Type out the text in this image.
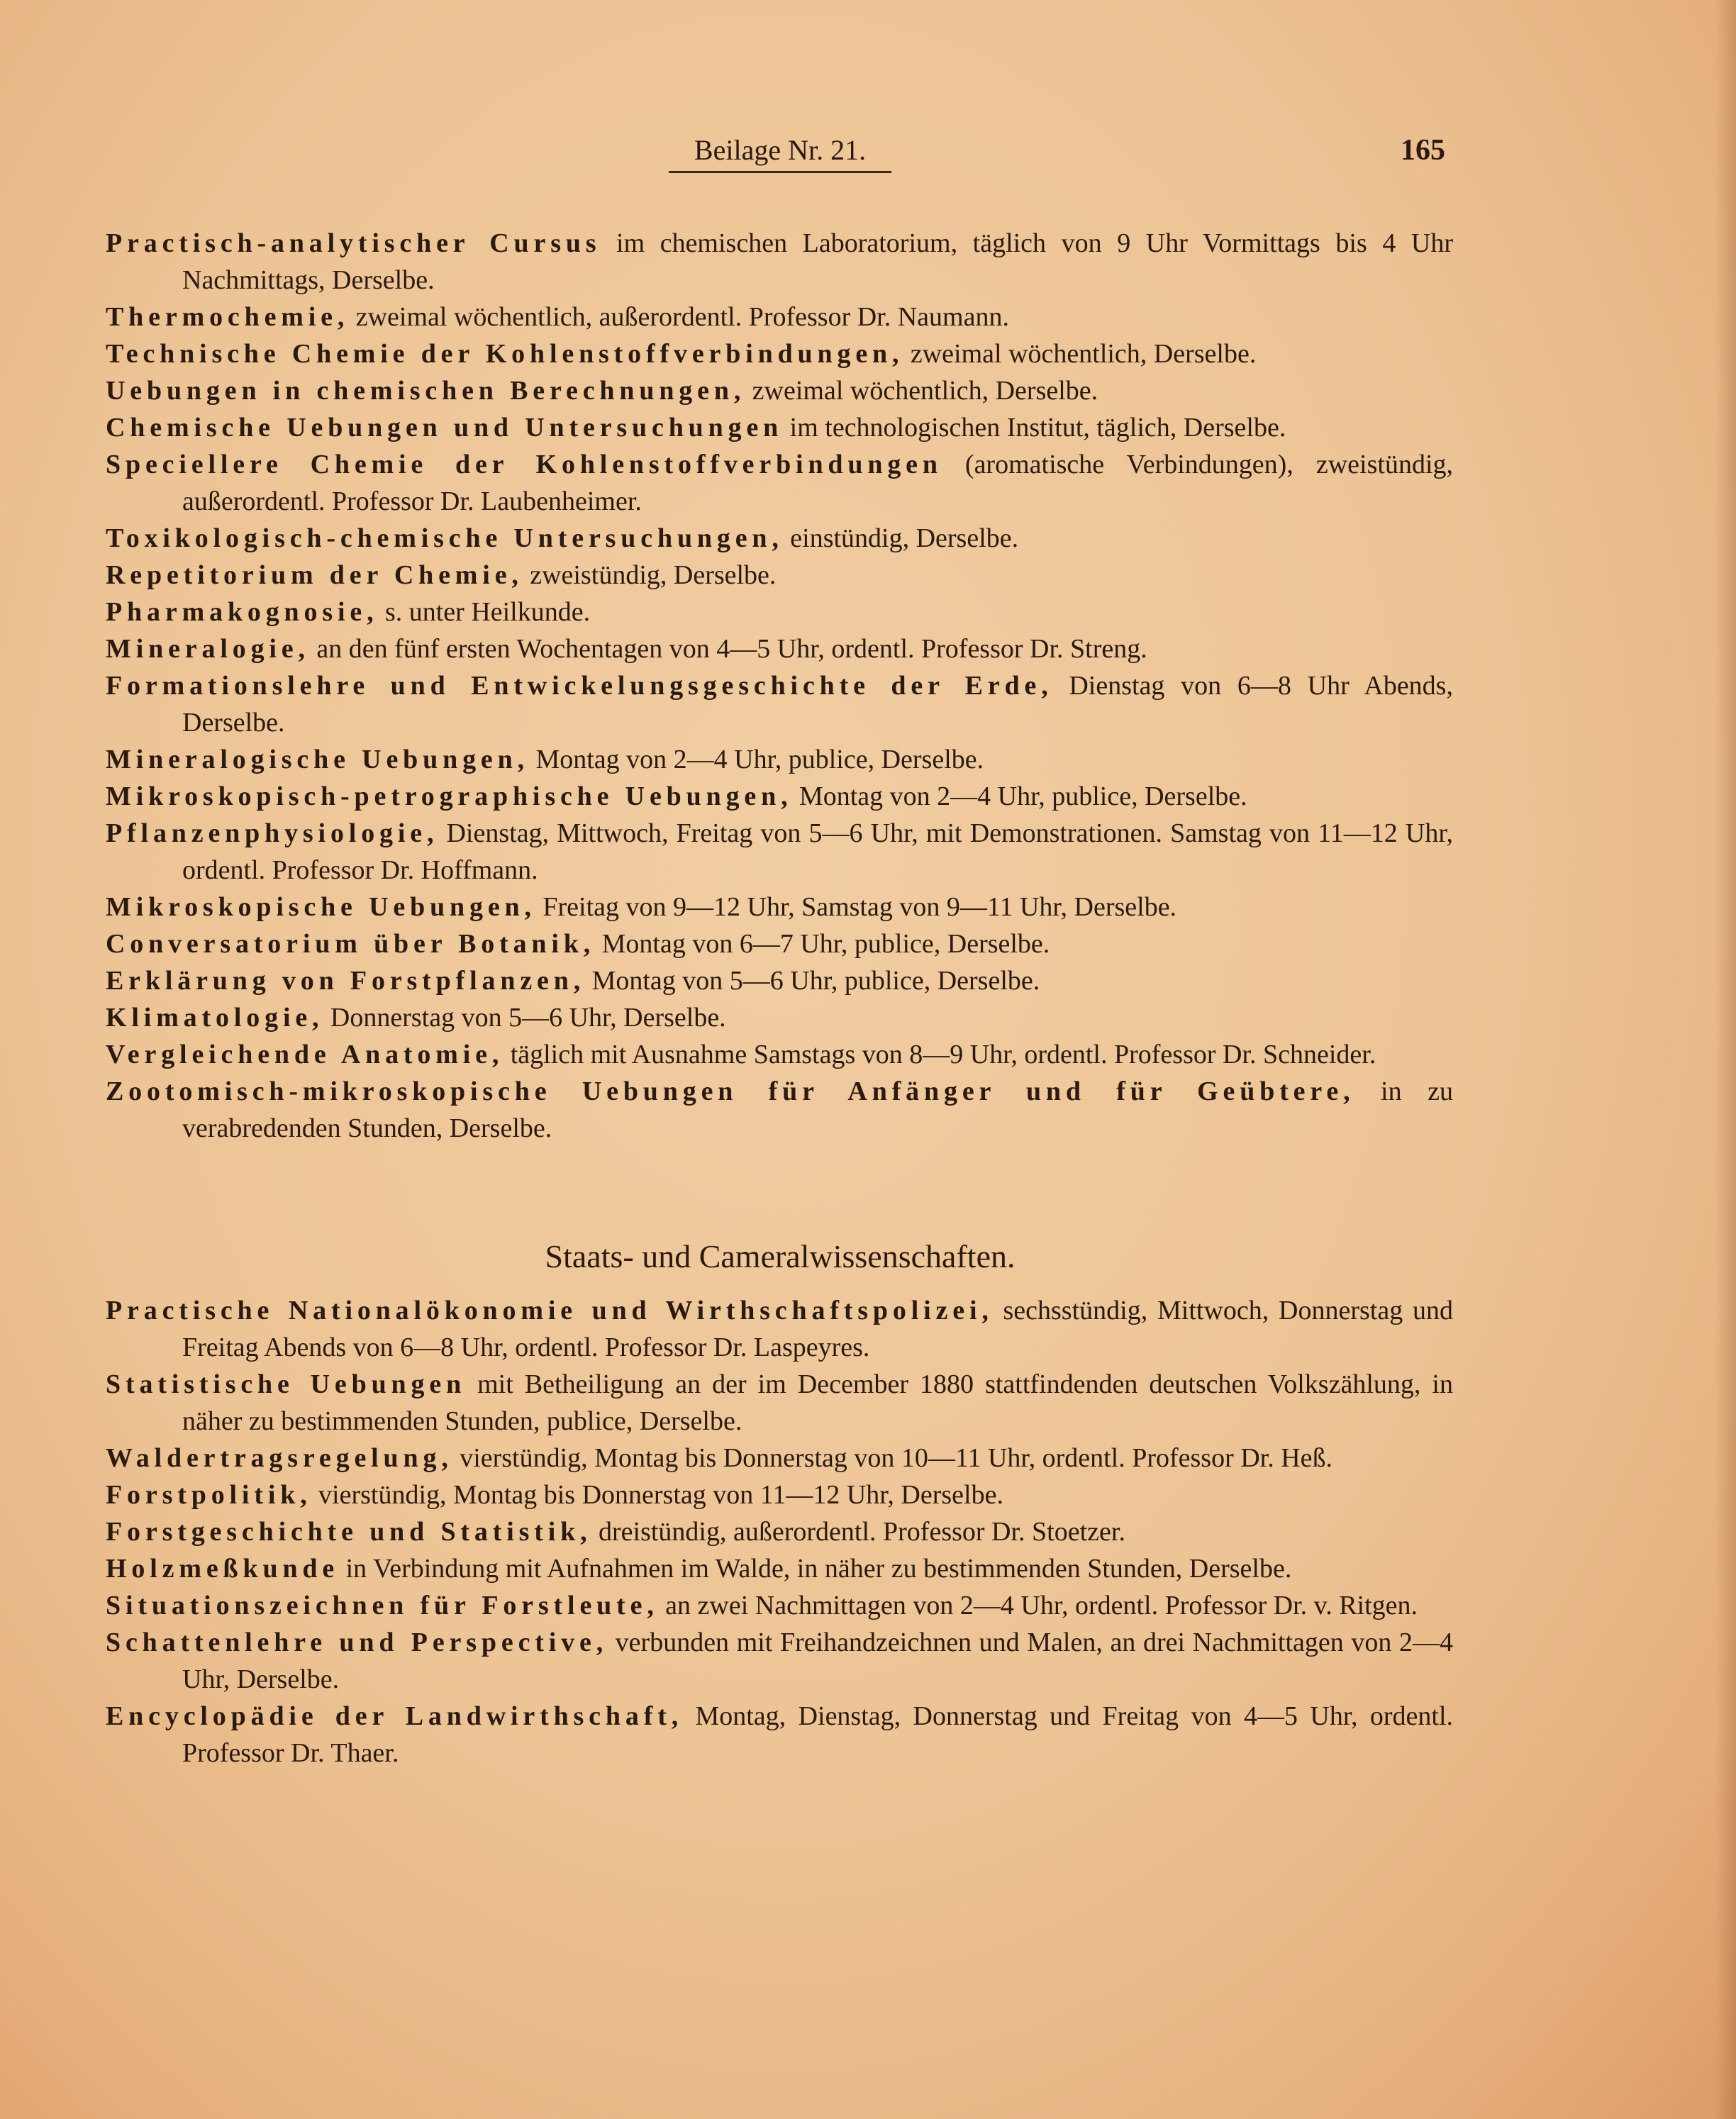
Beilage Nr. 21.	165
Practisch-analytischer Cursus im chemischen Laboratorium, täglich von 9 Uhr Vormittags bis 4 Uhr Nachmittags, Derselbe.
Thermochemie, zweimal wöchentlich, außerordentl. Professor Dr. Naumann.
Technische Chemie der Kohlenstoffverbindungen, zweimal wöchentlich, Derselbe.
Uebungen in chemischen Berechnungen, zweimal wöchentlich, Derselbe.
Chemische Uebungen und Untersuchungen im technologischen Institut, täglich, Derselbe.
Speciellere Chemie der Kohlenstoffverbindungen (aromatische Verbindungen), zweistündig, außerordentl. Professor Dr. Laubenheimer.
Toxikologisch-chemische Untersuchungen, einstündig, Derselbe.
Repetitorium der Chemie, zweistündig, Derselbe.
Pharmakognosie, s. unter Heilkunde.
Mineralogie, an den fünf ersten Wochentagen von 4—5 Uhr, ordentl. Professor Dr. Streng.
Formationslehre und Entwickelungsgeschichte der Erde, Dienstag von 6—8 Uhr Abends, Derselbe.
Mineralogische Uebungen, Montag von 2—4 Uhr, publice, Derselbe.
Mikroskopisch-petrographische Uebungen, Montag von 2—4 Uhr, publice, Derselbe.
Pflanzenphysiologie, Dienstag, Mittwoch, Freitag von 5—6 Uhr, mit Demonstrationen. Samstag von 11—12 Uhr, ordentl. Professor Dr. Hoffmann.
Mikroskopische Uebungen, Freitag von 9—12 Uhr, Samstag von 9—11 Uhr, Derselbe.
Conversatorium über Botanik, Montag von 6—7 Uhr, publice, Derselbe.
Erklärung von Forstpflanzen, Montag von 5—6 Uhr, publice, Derselbe.
Klimatologie, Donnerstag von 5—6 Uhr, Derselbe.
Vergleichende Anatomie, täglich mit Ausnahme Samstags von 8—9 Uhr, ordentl. Professor Dr. Schneider.
Zootomisch-mikroskopische Uebungen für Anfänger und für Geübtere, in zu verabredenden Stunden, Derselbe.
Staats- und Cameralwissenschaften.
Practische Nationalökonomie und Wirthschaftspolizei, sechsstündig, Mittwoch, Donnerstag und Freitag Abends von 6—8 Uhr, ordentl. Professor Dr. Laspeyres.
Statistische Uebungen mit Betheiligung an der im December 1880 stattfindenden deutschen Volkszählung, in näher zu bestimmenden Stunden, publice, Derselbe.
Waldertragsregelung, vierstündig, Montag bis Donnerstag von 10—11 Uhr, ordentl. Professor Dr. Heß.
Forstpolitik, vierstündig, Montag bis Donnerstag von 11—12 Uhr, Derselbe.
Forstgeschichte und Statistik, dreistündig, außerordentl. Professor Dr. Stoetzer.
Holzmeßkunde in Verbindung mit Aufnahmen im Walde, in näher zu bestimmenden Stunden, Derselbe.
Situationszeichnen für Forstleute, an zwei Nachmittagen von 2—4 Uhr, ordentl. Professor Dr. v. Ritgen.
Schattenlehre und Perspective, verbunden mit Freihandzeichnen und Malen, an drei Nachmittagen von 2—4 Uhr, Derselbe.
Encyclopädie der Landwirthschaft, Montag, Dienstag, Donnerstag und Freitag von 4—5 Uhr, ordentl. Professor Dr. Thaer.
